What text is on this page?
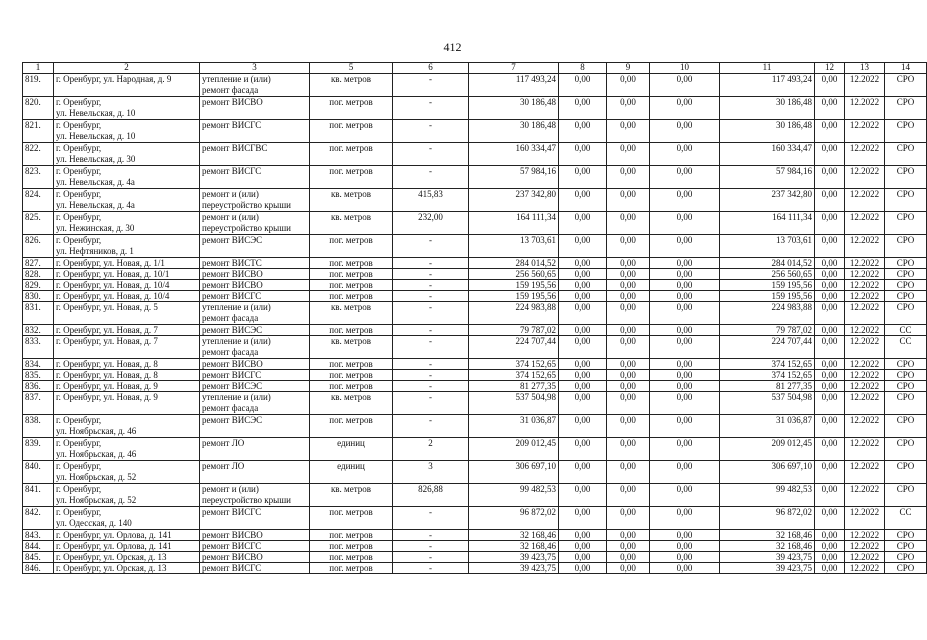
412
1	2	3	5	6	7	8	9	10	11	12	13	14
819.	г. Оренбург, ул. Народная, д. 9	утепление и (или)
ремонт фасада	кв. метров	-	117 493,24	0,00	0,00	0,00	117 493,24	0,00	12.2022	СРО
820.	г. Оренбург,
ул. Невельская, д. 10	ремонт ВИСВО	пог. метров	-	30 186,48	0,00	0,00	0,00	30 186,48	0,00	12.2022	СРО
821.	г. Оренбург,
ул. Невельская, д. 10	ремонт ВИСГС	пог. метров	-	30 186,48	0,00	0,00	0,00	30 186,48	0,00	12.2022	СРО
822.	г. Оренбург,
ул. Невельская, д. 30	ремонт ВИСГВС	пог. метров	-	160 334,47	0,00	0,00	0,00	160 334,47	0,00	12.2022	СРО
823.	г. Оренбург,
ул. Невельская, д. 4а	ремонт ВИСГС	пог. метров	-	57 984,16	0,00	0,00	0,00	57 984,16	0,00	12.2022	СРО
824.	г. Оренбург,
ул. Невельская, д. 4а	ремонт и (или)
переустройство крыши	кв. метров	415,83	237 342,80	0,00	0,00	0,00	237 342,80	0,00	12.2022	СРО
825.	г. Оренбург,
ул. Нежинская, д. 30	ремонт и (или)
переустройство крыши	кв. метров	232,00	164 111,34	0,00	0,00	0,00	164 111,34	0,00	12.2022	СРО
826.	г. Оренбург,
ул. Нефтяников, д. 1	ремонт ВИСЭС	пог. метров	-	13 703,61	0,00	0,00	0,00	13 703,61	0,00	12.2022	СРО
827.	г. Оренбург, ул. Новая, д. 1/1	ремонт ВИСТС	пог. метров	-	284 014,52	0,00	0,00	0,00	284 014,52	0,00	12.2022	СРО
828.	г. Оренбург, ул. Новая, д. 10/1	ремонт ВИСВО	пог. метров	-	256 560,65	0,00	0,00	0,00	256 560,65	0,00	12.2022	СРО
829.	г. Оренбург, ул. Новая, д. 10/4	ремонт ВИСВО	пог. метров	-	159 195,56	0,00	0,00	0,00	159 195,56	0,00	12.2022	СРО
830.	г. Оренбург, ул. Новая, д. 10/4	ремонт ВИСГС	пог. метров	-	159 195,56	0,00	0,00	0,00	159 195,56	0,00	12.2022	СРО
831.	г. Оренбург, ул. Новая, д. 5	утепление и (или)
ремонт фасада	кв. метров	-	224 983,88	0,00	0,00	0,00	224 983,88	0,00	12.2022	СРО
832.	г. Оренбург, ул. Новая, д. 7	ремонт ВИСЭС	пог. метров	-	79 787,02	0,00	0,00	0,00	79 787,02	0,00	12.2022	СС
833.	г. Оренбург, ул. Новая, д. 7	утепление и (или)
ремонт фасада	кв. метров	-	224 707,44	0,00	0,00	0,00	224 707,44	0,00	12.2022	СС
834.	г. Оренбург, ул. Новая, д. 8	ремонт ВИСВО	пог. метров	-	374 152,65	0,00	0,00	0,00	374 152,65	0,00	12.2022	СРО
835.	г. Оренбург, ул. Новая, д. 8	ремонт ВИСГС	пог. метров	-	374 152,65	0,00	0,00	0,00	374 152,65	0,00	12.2022	СРО
836.	г. Оренбург, ул. Новая, д. 9	ремонт ВИСЭС	пог. метров	-	81 277,35	0,00	0,00	0,00	81 277,35	0,00	12.2022	СРО
837.	г. Оренбург, ул. Новая, д. 9	утепление и (или)
ремонт фасада	кв. метров	-	537 504,98	0,00	0,00	0,00	537 504,98	0,00	12.2022	СРО
838.	г. Оренбург,
ул. Ноябрьская, д. 46	ремонт ВИСЭС	пог. метров	-	31 036,87	0,00	0,00	0,00	31 036,87	0,00	12.2022	СРО
839.	г. Оренбург,
ул. Ноябрьская, д. 46	ремонт ЛО	единиц	2	209 012,45	0,00	0,00	0,00	209 012,45	0,00	12.2022	СРО
840.	г. Оренбург,
ул. Ноябрьская, д. 52	ремонт ЛО	единиц	3	306 697,10	0,00	0,00	0,00	306 697,10	0,00	12.2022	СРО
841.	г. Оренбург,
ул. Ноябрьская, д. 52	ремонт и (или)
переустройство крыши	кв. метров	826,88	99 482,53	0,00	0,00	0,00	99 482,53	0,00	12.2022	СРО
842.	г. Оренбург,
ул. Одесская, д. 140	ремонт ВИСГС	пог. метров	-	96 872,02	0,00	0,00	0,00	96 872,02	0,00	12.2022	СС
843.	г. Оренбург, ул. Орлова, д. 141	ремонт ВИСВО	пог. метров	-	32 168,46	0,00	0,00	0,00	32 168,46	0,00	12.2022	СРО
844.	г. Оренбург, ул. Орлова, д. 141	ремонт ВИСГС	пог. метров	-	32 168,46	0,00	0,00	0,00	32 168,46	0,00	12.2022	СРО
845.	г. Оренбург, ул. Орская, д. 13	ремонт ВИСВО	пог. метров	-	39 423,75	0,00	0,00	0,00	39 423,75	0,00	12.2022	СРО
846.	г. Оренбург, ул. Орская, д. 13	ремонт ВИСГС	пог. метров	-	39 423,75	0,00	0,00	0,00	39 423,75	0,00	12.2022	СРО
